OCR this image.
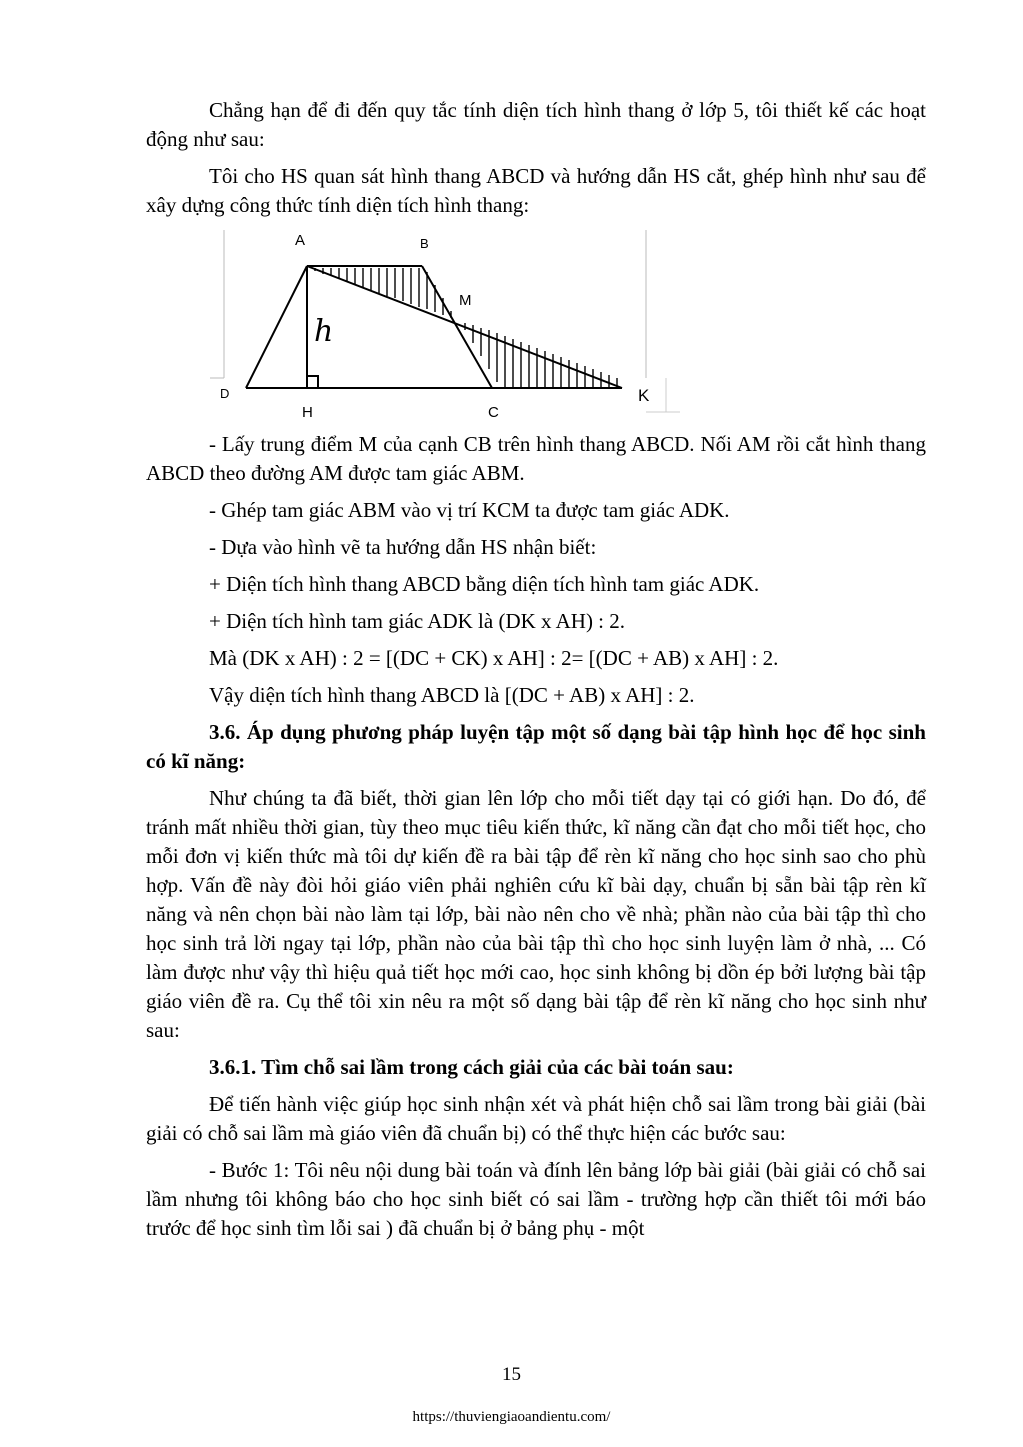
Chẳng hạn để đi đến quy tắc tính diện tích hình thang ở lớp 5, tôi thiết kế các hoạt động như sau:

Tôi cho HS quan sát hình thang ABCD và hướng dẫn HS cắt, ghép hình như sau để xây dựng công thức tính diện tích hình thang:

A	B
M
h
D
H	C
K

- Lấy trung điểm M của cạnh CB trên hình thang ABCD. Nối AM rồi cắt hình thang ABCD theo đường AM được tam giác ABM.

- Ghép tam giác ABM vào vị trí KCM ta được tam giác ADK.

- Dựa vào hình vẽ ta hướng dẫn HS nhận biết:

+ Diện tích hình thang ABCD bằng diện tích hình tam giác ADK.

+ Diện tích hình tam giác ADK là (DK x AH) : 2.

Mà (DK x AH) : 2 = [(DC + CK) x AH] : 2= [(DC + AB) x AH] : 2.

Vậy diện tích hình thang ABCD là [(DC + AB) x AH] : 2.

3.6. Áp dụng phương pháp luyện tập một số dạng bài tập hình học để học sinh có kĩ năng:

Như chúng ta đã biết, thời gian lên lớp cho mỗi tiết dạy tại có giới hạn. Do đó, để tránh mất nhiều thời gian, tùy theo mục tiêu kiến thức, kĩ năng cần đạt cho mỗi tiết học, cho mỗi đơn vị kiến thức mà tôi dự kiến đề ra bài tập để rèn kĩ năng cho học sinh sao cho phù hợp. Vấn đề này đòi hỏi giáo viên phải nghiên cứu kĩ bài dạy, chuẩn bị sẵn bài tập rèn kĩ năng và nên chọn bài nào làm tại lớp, bài nào nên cho về nhà; phần nào của bài tập thì cho học sinh trả lời ngay tại lớp, phần nào của bài tập thì cho học sinh luyện làm ở nhà, ... Có làm được như vậy thì hiệu quả tiết học mới cao, học sinh không bị dồn ép bởi lượng bài tập giáo viên đề ra. Cụ thể tôi xin nêu ra một số dạng bài tập để rèn kĩ năng cho học sinh như sau:

3.6.1. Tìm chỗ sai lầm trong cách giải của các bài toán sau:

Để tiến hành việc giúp học sinh nhận xét và phát hiện chỗ sai lầm trong bài giải (bài giải có chỗ sai lầm mà giáo viên đã chuẩn bị) có thể thực hiện các bước sau:

- Bước 1: Tôi nêu nội dung bài toán và đính lên bảng lớp bài giải (bài giải có chỗ sai lầm nhưng tôi không báo cho học sinh biết có sai lầm - trường hợp cần thiết tôi mới báo trước để học sinh tìm lỗi sai ) đã chuẩn bị ở bảng phụ - một

15
https://thuviengiaoandientu.com/
